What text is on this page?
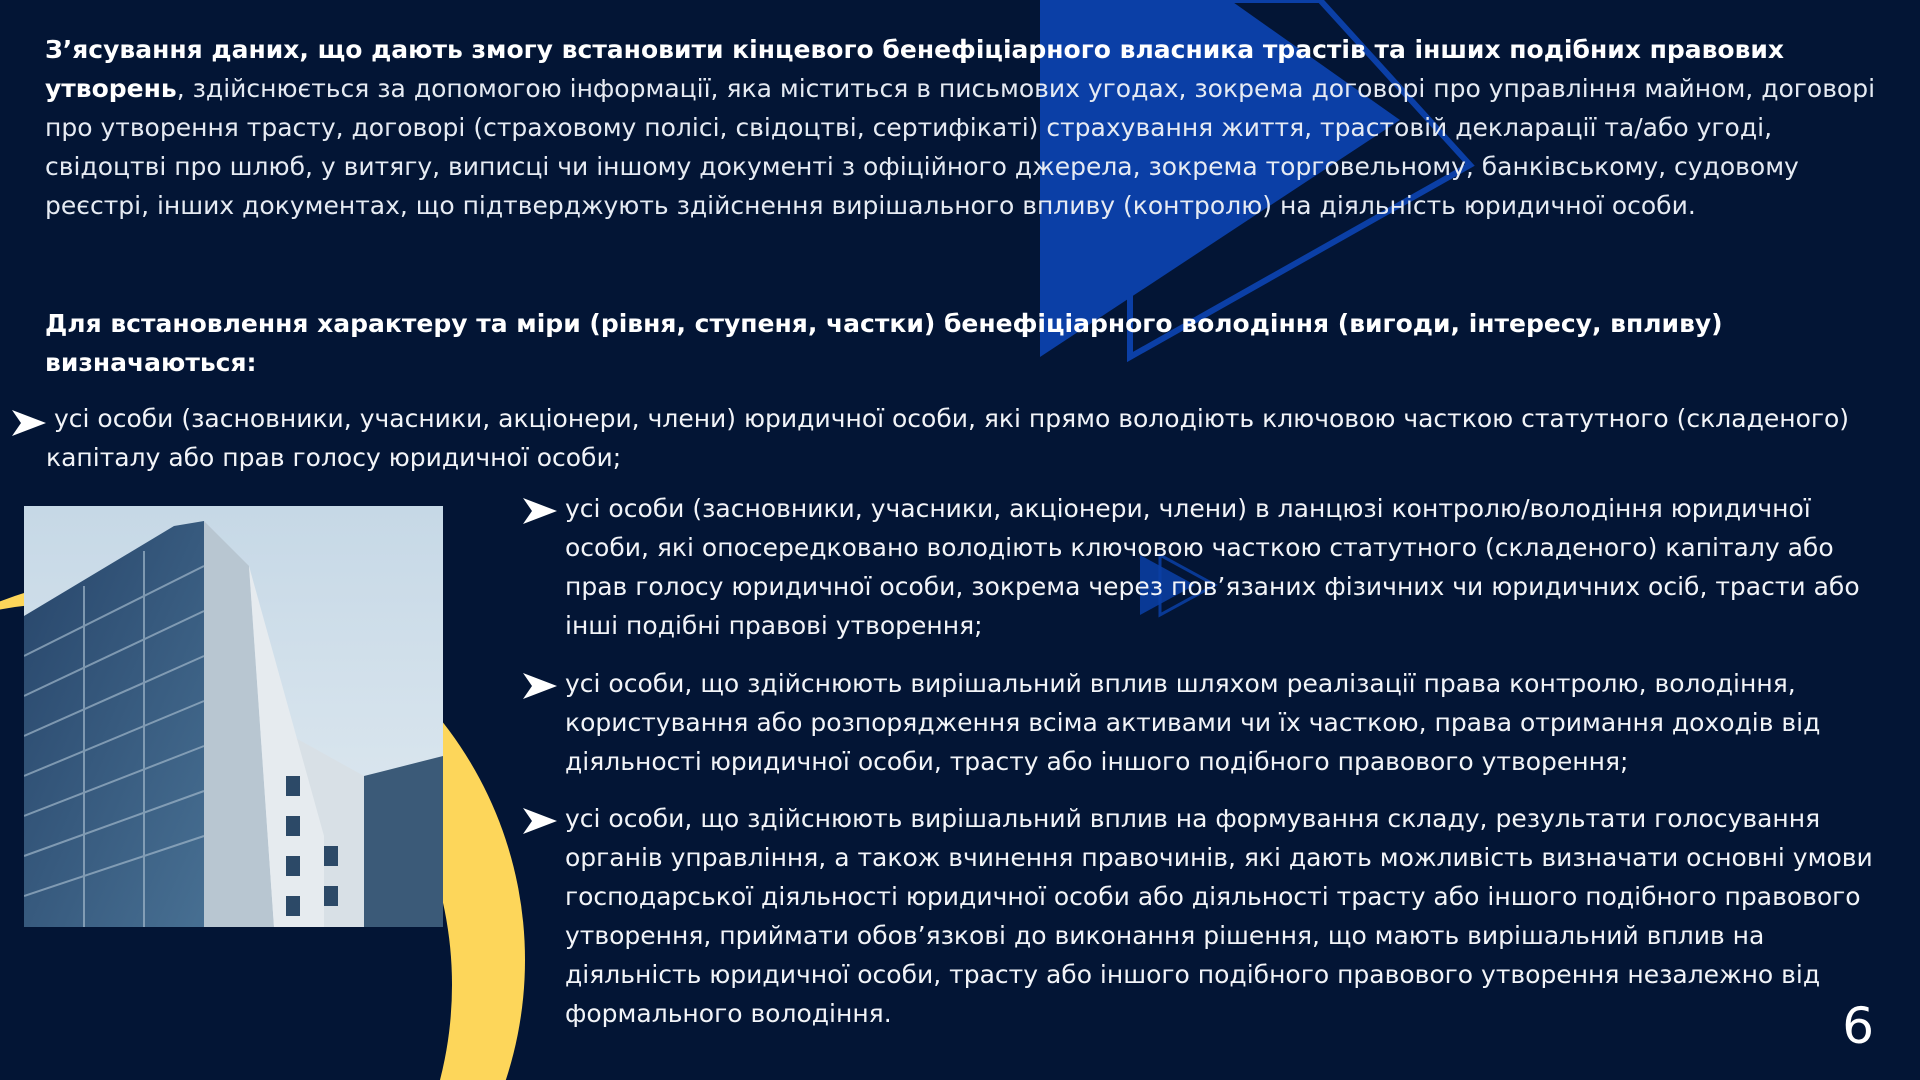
З’ясування даних, що дають змогу встановити кінцевого бенефіціарного власника трастів та інших подібних правових утворень, здійснюється за допомогою інформації, яка міститься в письмових угодах, зокрема договорі про управління майном, договорі про утворення трасту, договорі (страховому полісі, свідоцтві, сертифікаті) страхування життя, трастовій декларації та/або угоді, свідоцтві про шлюб, у витягу, виписці чи іншому документі з офіційного джерела, зокрема торговельному, банківському, судовому реєстрі, інших документах, що підтверджують здійснення вирішального впливу (контролю) на діяльність юридичної особи.
Для встановлення характеру та міри (рівня, ступеня, частки) бенефіціарного володіння (вигоди, інтересу, впливу) визначаються:
усі особи (засновники, учасники, акціонери, члени) юридичної особи, які прямо володіють ключовою часткою статутного (складеного) капіталу або прав голосу юридичної особи;
усі особи (засновники, учасники, акціонери, члени) в ланцюзі контролю/володіння юридичної особи, які опосередковано володіють ключовою часткою статутного (складеного) капіталу або прав голосу юридичної особи, зокрема через пов’язаних фізичних чи юридичних осіб, трасти або інші подібні правові утворення;
усі особи, що здійснюють вирішальний вплив шляхом реалізації права контролю, володіння, користування або розпорядження всіма активами чи їх часткою, права отримання доходів від діяльності юридичної особи, трасту або іншого подібного правового утворення;
усі особи, що здійснюють вирішальний вплив на формування складу, результати голосування органів управління, а також вчинення правочинів, які дають можливість визначати основні умови господарської діяльності юридичної особи або діяльності трасту або іншого подібного правового утворення, приймати обов’язкові до виконання рішення, що мають вирішальний вплив на діяльність юридичної особи, трасту або іншого подібного правового утворення незалежно від формального володіння.	6
